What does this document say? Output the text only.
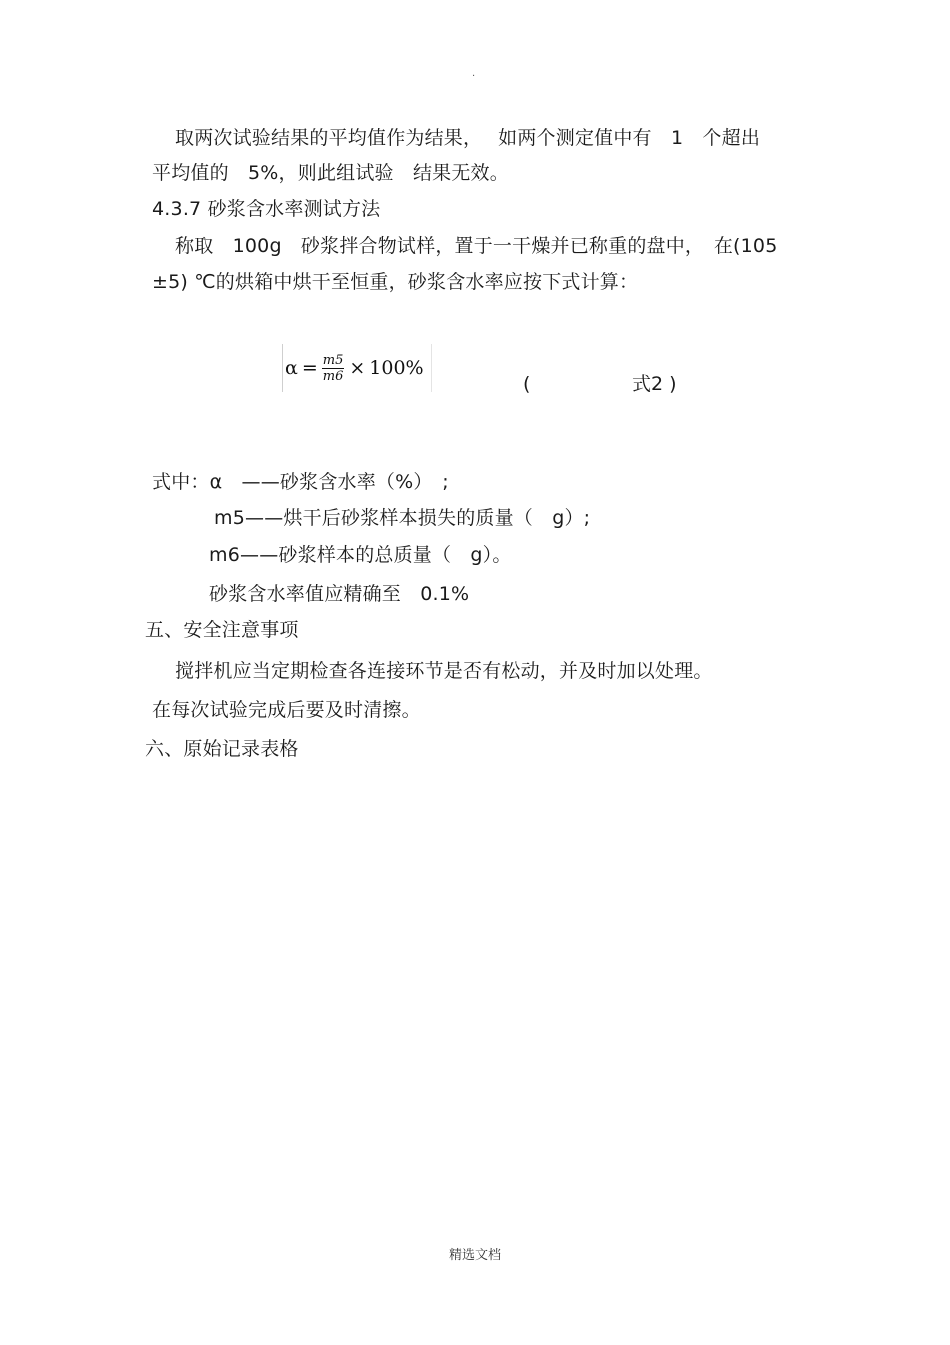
·
取两次试验结果的平均值作为结果，　 如两个测定值中有　1　个超出
平均值的　5%，则此组试验　结果无效。
4.3.7 砂浆含水率测试方法
称取　100g　砂浆拌合物试样，置于一干燥并已称重的盘中，　在(105
±5) ℃的烘箱中烘干至恒重，砂浆含水率应按下式计算：
$\alpha = \frac{m5}{m6} \times 100\%$
(	式2 )
式中：α　——砂浆含水率（%）　;
m5——烘干后砂浆样本损失的质量（　g）;
m6——砂浆样本的总质量（　g）。
砂浆含水率值应精确至　0.1%
五、安全注意事项
搅拌机应当定期检查各连接环节是否有松动，并及时加以处理。
在每次试验完成后要及时清擦。
六、原始记录表格
精选文档
